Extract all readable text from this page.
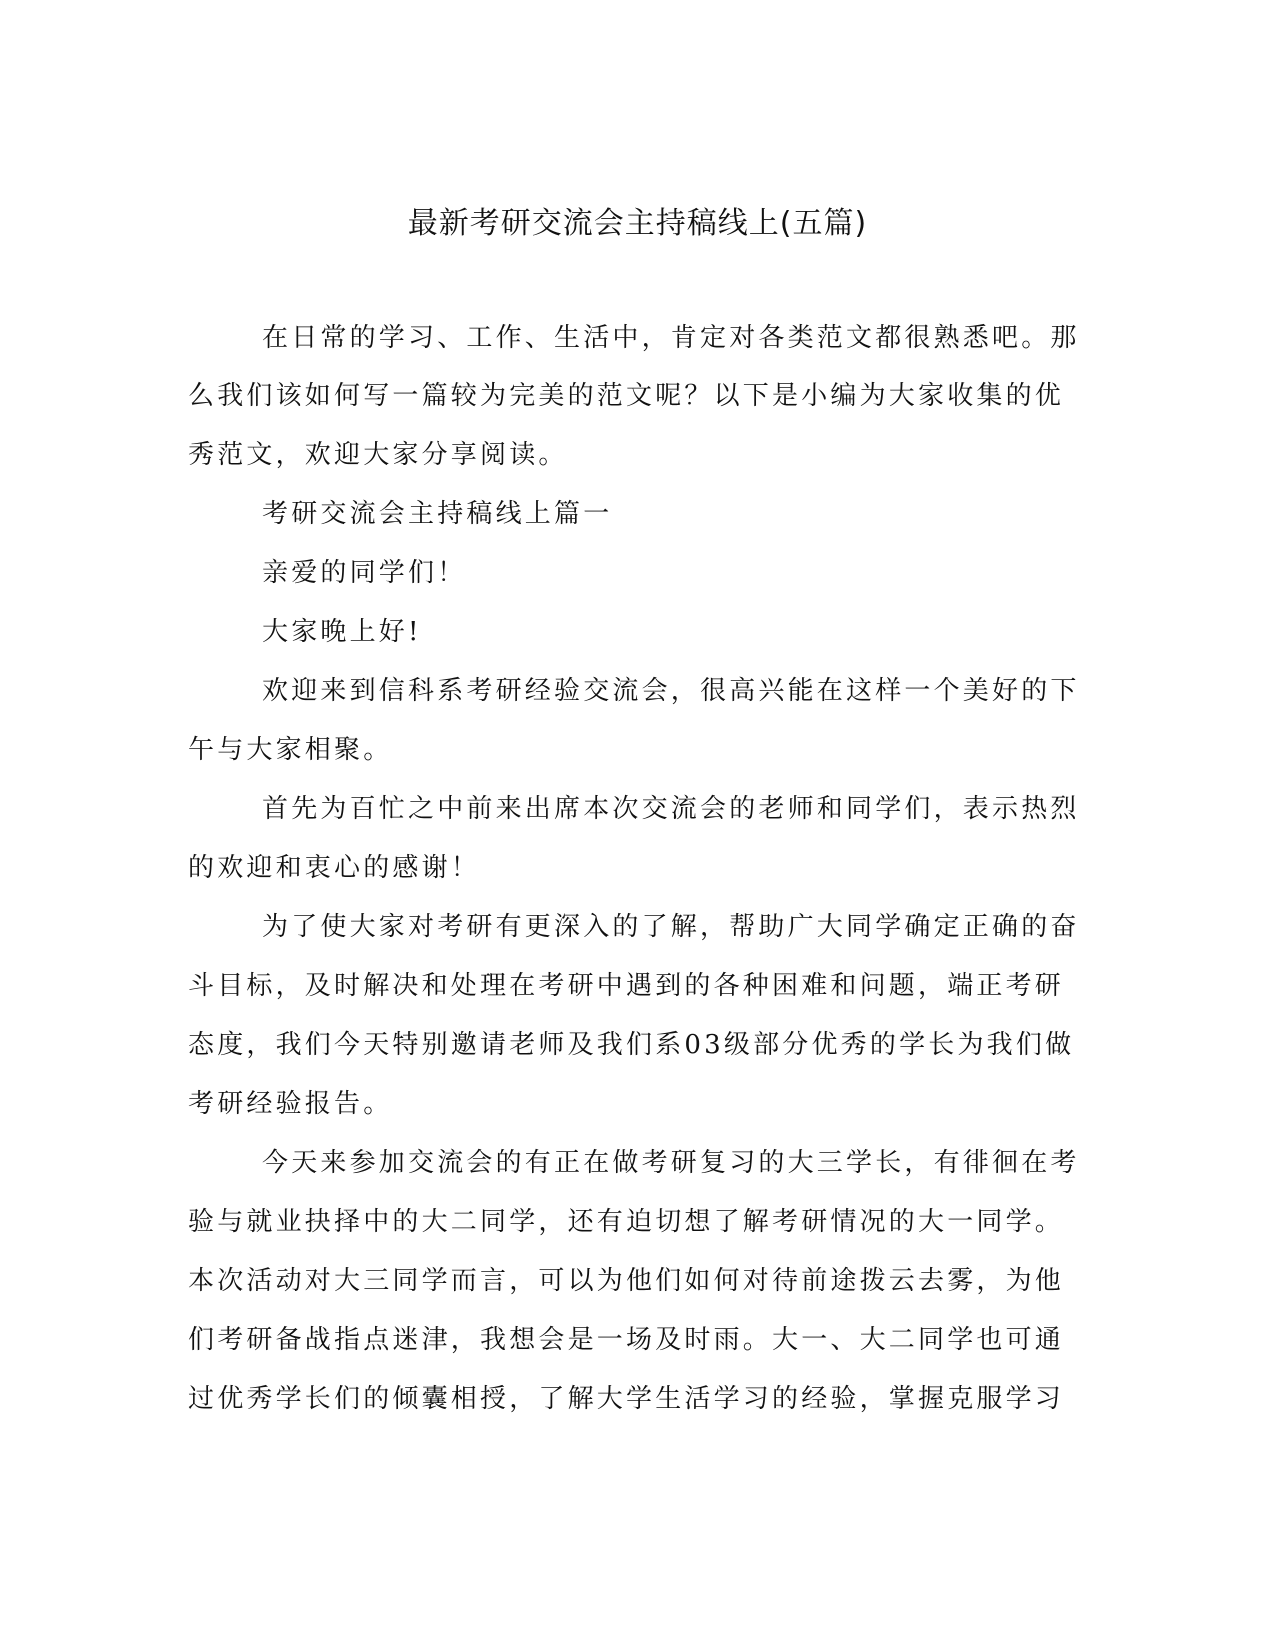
最新考研交流会主持稿线上(五篇)
在日常的学习、工作、生活中，肯定对各类范文都很熟悉吧。那
么我们该如何写一篇较为完美的范文呢？以下是小编为大家收集的优
秀范文，欢迎大家分享阅读。
考研交流会主持稿线上篇一
亲爱的同学们！
大家晚上好!
欢迎来到信科系考研经验交流会，很高兴能在这样一个美好的下
午与大家相聚。
首先为百忙之中前来出席本次交流会的老师和同学们，表示热烈
的欢迎和衷心的感谢！
为了使大家对考研有更深入的了解，帮助广大同学确定正确的奋
斗目标，及时解决和处理在考研中遇到的各种困难和问题，端正考研
态度，我们今天特别邀请老师及我们系03级部分优秀的学长为我们做
考研经验报告。
今天来参加交流会的有正在做考研复习的大三学长，有徘徊在考
验与就业抉择中的大二同学，还有迫切想了解考研情况的大一同学。
本次活动对大三同学而言，可以为他们如何对待前途拨云去雾，为他
们考研备战指点迷津，我想会是一场及时雨。大一、大二同学也可通
过优秀学长们的倾囊相授，了解大学生活学习的经验，掌握克服学习
